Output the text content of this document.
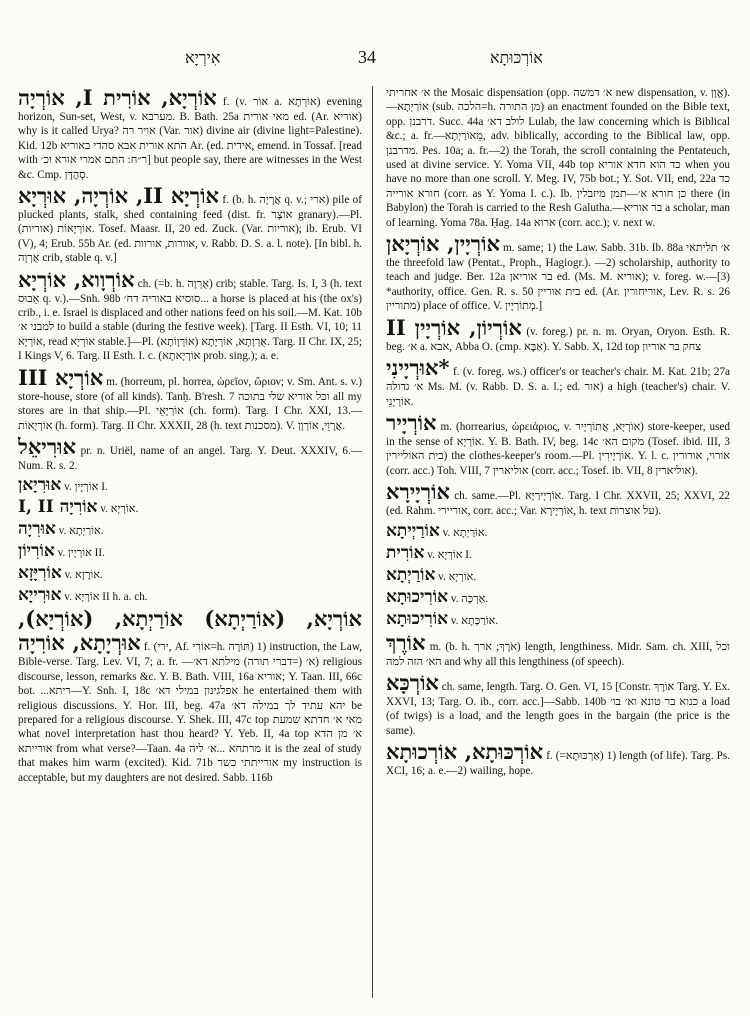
אִירְיָא	34	אוֹרְכּוּתָא

אוֹרְיָא, אוֹרִית I, אוֹרְיָה f. (v. אוֹר a. אוֹרְתָא) evening horizon, Sun-set, West, v. מערבא. B. Bath. 25a מאי אורית ed. (Ar. אוריא) why is it called Urya? אויר רה (Var. אור) divine air (divine light=Palestine). Kid. 12b התא אורית אבא סהדי באוריא Ar. (ed. אידית, emend. in Tossaf. [read with ר״ח: התם אמרי אורא וכ׳] but people say, there are witnesses in the West &c. Cmp. סָהֲדָן.

אוֹרְיָא II, אוֹרְיָה, אוּרְיָא f. (b. h. אֲרָיָה q. v.; ארי) pile of plucked plants, stalk, shed containing feed (dist. fr. אוֹצָר granary).—Pl. אוֹרְיָאוֹת (אוריות). Tosef. Maasr. II, 20 ed. Zuck. (Var. אוריות); ib. Erub. VI (V), 4; Erub. 55b Ar. (ed. אוורות, אורוות, v. Rabb. D. S. a. l. note). [In bibl. h. אֻרְוָה crib, stable q. v.]

אוֹרְוָוא, אוֹרְיָא ch. (=b. h. אֻרְוָה) crib; stable. Targ. Is. I, 3 (h. text אֵבוּס q. v.).—Snh. 98b סוסיא באוריה דח׳... a horse is placed at his (the ox's) crib., i. e. Israel is displaced and other nations feed on his soil.—M. Kat. 10b למבני א׳ to build a stable (during the festive week). [Targ. II Esth. VI, 10; 11 אוֹרְיָא, read אוֹרְיָא stable.]—Pl. אֻרְוָתָא, אוֹרְיָתָא (אוֹרְוָוֹתָא). Targ. II Chr. IX, 25; I Kings V, 6. Targ. II Esth. I. c. (אוֹרְיָאתָא prob. sing.); a. e.

אוֹרְיָא III m. (horreum, pl. horrea, ὡρεῖον, ὥριον; v. Sm. Ant. s. v.) store-house, store (of all kinds). Tanḥ. B'resh. 7 וכל אוריא שלי בתוכה all my stores are in that ship.—Pl. אוֹרְיָאֵי (ch. form). Targ. I Chr. XXI, 13.—אוֹרְיָאוֹת (h. form). Targ. II Chr. XXXII, 28 (h. text מסכנות). V. אֲרָוֵי, אוֹרְוָן.

אוּרִיאֵל pr. n. Uriël, name of an angel. Targ. Y. Deut. XXXIV, 6.—Num. R. s. 2.

אוּרִיָאן v. אוֹרְיָין I.

אוֹרִיָה I, II v. אוֹרְיָא.

אוּרִיָה v. אוֹרַיְתָא.

אוֹרִיוֹן v. אוֹרְיָין II.

אוֹרִיָּזָא v. אוֹרֶזָא.

אוּרִייָא v. אוֹרְיָא II h. a. ch.

אוֹרְיָא, (אוֹרַיְתָא) אוֹרַיְתָא, (אוֹרְיָא), אוּרְיָתָא, אוֹרִיָה f. (ירי, Af. אוֹרִי=h. תּוֹרָה) 1) instruction, the Law, Bible-verse. Targ. Lev. VI, 7; a. fr. —א׳ (=דברי תורה) מילתא דא׳) religious discourse, lesson, remarks &c. Y. B. Bath. VIII, 16a אוריא; Y. Taan. III, 66c bot. ...ריתא—Y. Snh. I, 18c אפלגינון במילי דא׳ he entertained them with religious discussions. Y. Hor. III, beg. 47a יהא עתיד לך במילה דא׳ be prepared for a religious discourse. Y. Shek. III, 47c top מאי א׳ חדתא שמעת what novel interpretation hast thou heard? Y. Yeb. II, 4a top א׳ מן הדא אורייתא from what verse?—Taan. 4a מרתחא ...א׳ ליה it is the zeal of study that makes him warm (excited). Kid. 71b אורייתתי כשר my instruction is acceptable, but my daughters are not desired. Sabb. 116b

א׳ אחריתי the Mosaic dispensation (opp. א׳ דמשה new dispensation, v. אֱוָן).—אוֹרַיְתָא (sub. הלכה=h. מן התורה) an enactment founded on the Bible text, opp. דרבנן. Succ. 44a לולב דא׳ Lulab, the law concerning which is Biblical &c.; a. fr.—מֵאוֹרַיְתָא, adv. biblically, according to the Biblical law, opp. מדרבנן. Pes. 10a; a. fr.—2) the Torah, the scroll containing the Pentateuch, used at divine service. Y. Yoma VII, 44b top כד הוא חדא אוריא when you have no more than one scroll. Y. Meg. IV, 75b bot.; Y. Sot. VII, end, 22a כד חורא אורייה (corr. as Y. Yoma I. c.). Ib. כן חורא א׳—תמן מיזבלין there (in Babylon) the Torah is carried to the Resh Galutha.—בר אוריא a scholar, man of learning. Yoma 78a. Ḥag. 14a ארוא (corr. acc.); v. next w.

אוֹרְיָין, אוֹרְיָאן m. same; 1) the Law. Sabb. 31b. Ib. 88a א׳ תליתאי the threefold law (Pentat., Proph., Hagiogr.). —2) scholarship, authority to teach and judge. Ber. 12a בר אוריאן ed. (Ms. M. אוריא); v. foreg. w.—[3) *authority, office. Gen. R. s. 50 בית אוריין ed. (Ar. אוריחורין, Lev. R. s. 26 מתוריין) place of office. V. מְתוֹרְיָין.]

אוֹרְיוֹן, אוֹרְיָין II (v. foreg.) pr. n. m. Oryan, Oryon. Esth. R. beg. א׳ a. אבא, Abba O. (cmp. אַבָּא). Y. Sabb. X, 12d top צחק בר אוריון

*אוּרְיָינִי f. (v. foreg. ws.) officer's or teacher's chair. M. Kat. 21b; 27a א׳ גדולה Ms. M. (v. Rabb. D. S. a. l.; ed. אור) a high (teacher's) chair. V. אוֹרְיָנֵי.

אוֹרְיָיר m. (horrearius, ὡρειάριος, v. אוֹרְיָא, אֲתוֹרְיָיר) store-keeper, used in the sense of אוֹרְיָא. Y. B. Bath. IV, beg. 14c מקום הא׳ (Tosef. ibid. III, 3 בית האוליירין) the clothes-keeper's room.—Pl. אוֹרְיָירִין. Y. l. c. אורוי, אורורין (corr. acc.) Toh. VIII, 7 אוליארין (corr. acc.; Tosef. ib. VII, 8 אוליארין).

אוֹרְיָירָא ch. same.—Pl. אוֹרְיָירַיָּא. Targ. I Chr. XXVII, 25; XXVI, 22 (ed. Rahm. אוריירי, corr. acc.; Var. אוֹרְיָירָא, h. text על אוצרות).

אוֹרַיְיתָא v. אוֹרַיְתָא.

אוֹרִית v. אוֹרְיָא I.

אוֹרַיְתָא v. אוֹרְיָא.

אוֹרִיכוּתָא v. אַרְכָּה.

אוֹרִיכוּתָא v. אוֹרַכְּתָא.

אוֹרֶךְ m. (b. h. אֹרֶךְ; ארך) length, lengthiness. Midr. Sam. ch. XIII, וכל הא׳ הזה למה and why all this lengthiness (of speech).

אוֹרְכָּא ch. same, length. Targ. O. Gen. VI, 15 [Constr. אוֹרֶךְ Targ. Y. Ex. XXVI, 13; Targ. O. ib., corr. acc.]—Sabb. 140b כנוא בר טונא וא׳ בו׳ a load (of twigs) is a load, and the length goes in the bargain (the price is the same).

אוֹרְכּוּתָא, אוֹרְכוּתָא f. (=אַרְכּוּתָא) 1) length (of life). Targ. Ps. XCI, 16; a. e.—2) wailing, hope.
